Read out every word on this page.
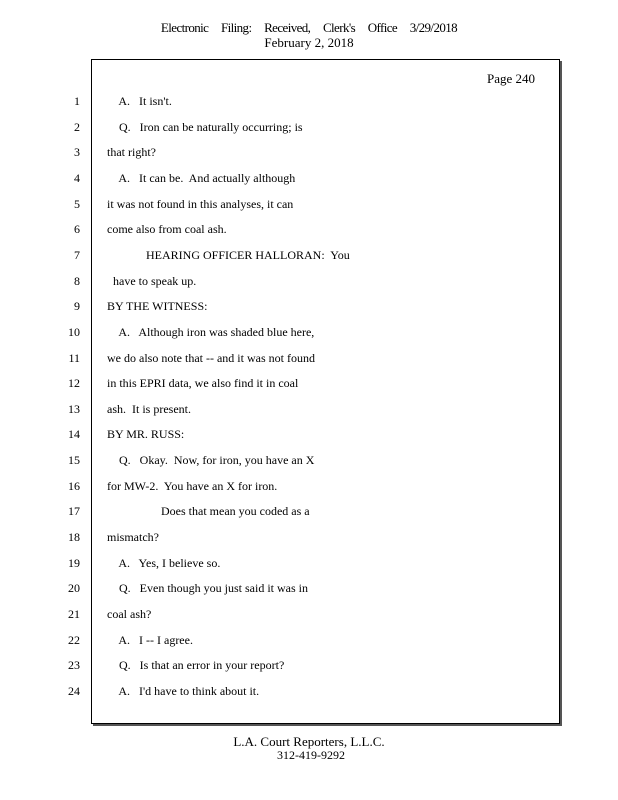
Electronic Filing: Received, Clerk's Office 3/29/2018
February 2, 2018
Page 240
1 A.   It isn't.
2 Q.   Iron can be naturally occurring; is
3 that right?
4 A.   It can be.  And actually although
5 it was not found in this analyses, it can
6 come also from coal ash.
7 HEARING OFFICER HALLORAN:  You
8 have to speak up.
9 BY THE WITNESS:
10 A.   Although iron was shaded blue here,
11 we do also note that -- and it was not found
12 in this EPRI data, we also find it in coal
13 ash.  It is present.
14 BY MR. RUSS:
15 Q.   Okay.  Now, for iron, you have an X
16 for MW-2.  You have an X for iron.
17 Does that mean you coded as a
18 mismatch?
19 A.   Yes, I believe so.
20 Q.   Even though you just said it was in
21 coal ash?
22 A.   I -- I agree.
23 Q.   Is that an error in your report?
24 A.   I'd have to think about it.
L.A. Court Reporters, L.L.C.
312-419-9292
